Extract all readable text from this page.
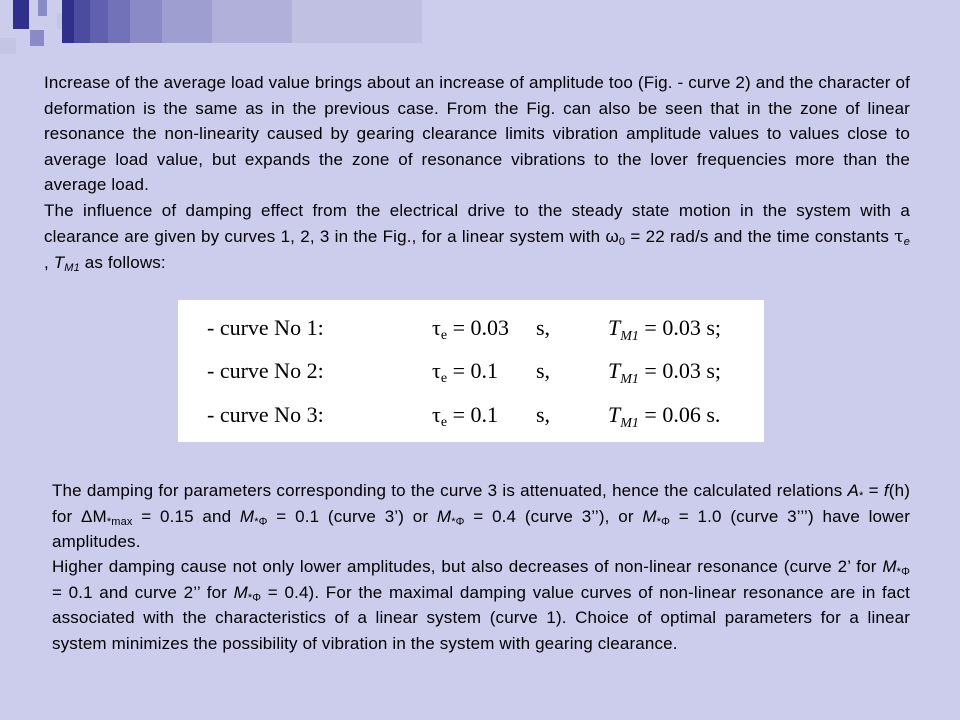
Increase of the average load value brings about an increase of amplitude too (Fig. - curve 2) and the character of deformation is the same as in the previous case. From the Fig. can also be seen that in the zone of linear resonance the non-linearity caused by gearing clearance limits vibration amplitude values to values close to average load value, but expands the zone of resonance vibrations to the lover frequencies more than the average load.
The influence of damping effect from the electrical drive to the steady state motion in the system with a clearance are given by curves 1, 2, 3 in the Fig., for a linear system with $\omega_0 = 22$ rad/s and the time constants $\tau_e$ , $T_{M1}$ as follows:
- curve No 1:	$\tau_e = 0.03$ s,	$T_{M1} = 0.03$ s;
- curve No 2:	$\tau_e = 0.1$ s,	$T_{M1} = 0.03$ s;
- curve No 3:	$\tau_e = 0.1$ s,	$T_{M1} = 0.06$ s.
The damping for parameters corresponding to the curve 3 is attenuated, hence the calculated relations $A_* = f(h)$ for $\Delta M_{*max} = 0.15$ and $M_{*\Phi} = 0.1$ (curve 3’) or $M_{*\Phi} = 0.4$ (curve 3’’), or $M_{*\Phi} = 1.0$ (curve 3’’’) have lower amplitudes.
Higher damping cause not only lower amplitudes, but also decreases of non-linear resonance (curve 2’ for $M_{*\Phi} = 0.1$ and curve 2’’ for $M_{*\Phi} = 0.4$). For the maximal damping value curves of non-linear resonance are in fact associated with the characteristics of a linear system (curve 1). Choice of optimal parameters for a linear system minimizes the possibility of vibration in the system with gearing clearance.
